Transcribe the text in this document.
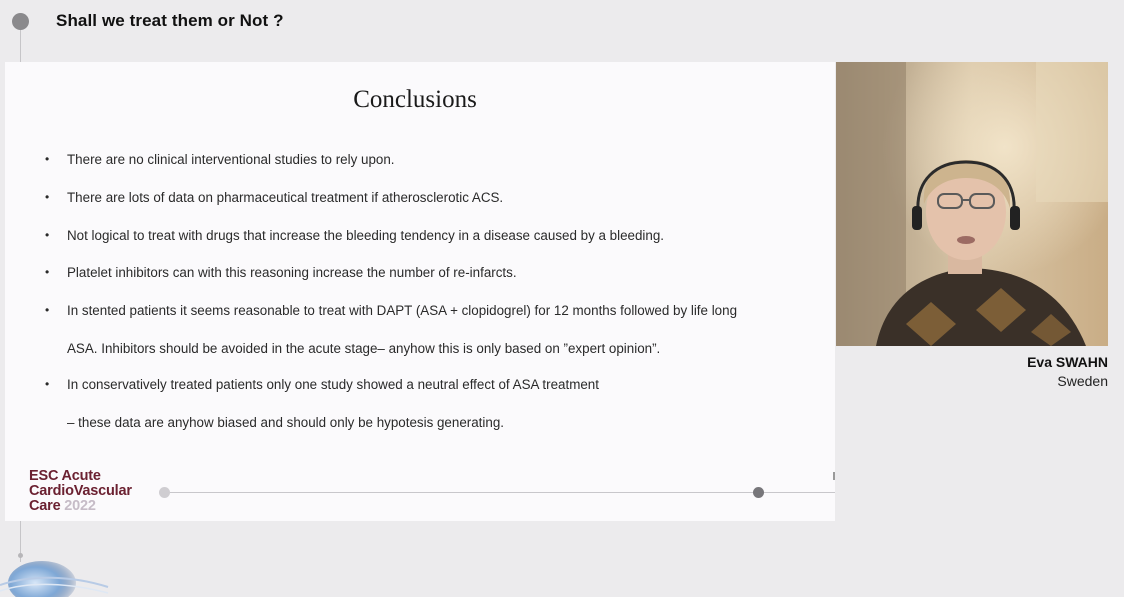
Shall we treat them or Not ?
Conclusions
•	There are no clinical interventional studies to rely upon.
•	There are lots of data on pharmaceutical treatment if atherosclerotic ACS.
•	Not logical to treat with drugs that increase the bleeding tendency in a disease caused by a bleeding.
•	Platelet inhibitors can with this reasoning increase the number of re-infarcts.
•	In stented patients it seems reasonable to treat with DAPT (ASA + clopidogrel) for 12 months followed by life long
ASA. Inhibitors should be avoided in the acute stage– anyhow this is only based on ”expert opinion”.
•	In conservatively treated patients only one study showed a neutral effect of ASA treatment
– these data are anyhow biased and should only be hypotesis generating.
ESC Acute
CardioVascular
Care 2022
Eva SWAHN
Sweden
